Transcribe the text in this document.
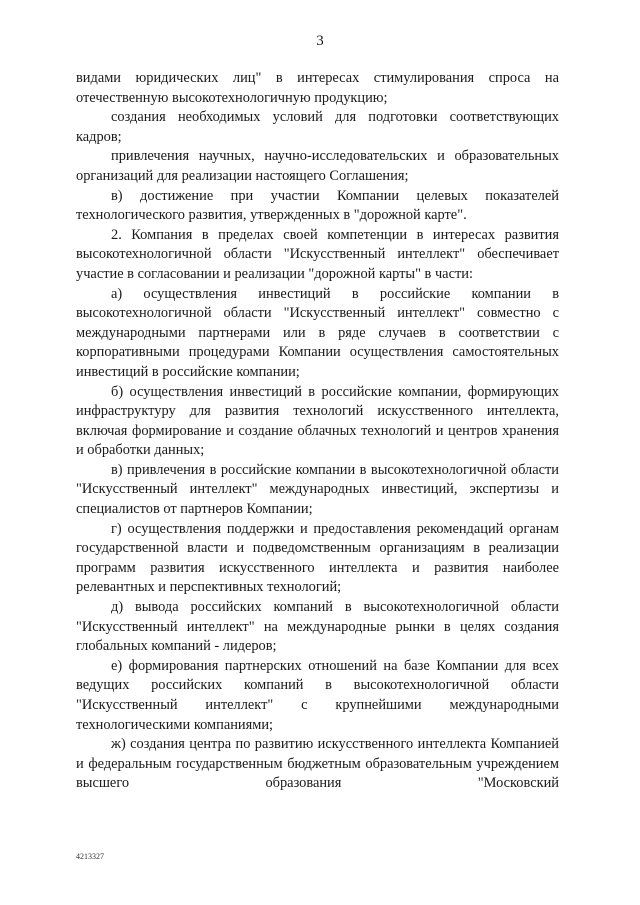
3

видами юридических лиц" в интересах стимулирования спроса на отечественную высокотехнологичную продукцию;

создания необходимых условий для подготовки соответствующих кадров;

привлечения научных, научно-исследовательских и образовательных организаций для реализации настоящего Соглашения;

в) достижение при участии Компании целевых показателей технологического развития, утвержденных в "дорожной карте".

2. Компания в пределах своей компетенции в интересах развития высокотехнологичной области "Искусственный интеллект" обеспечивает участие в согласовании и реализации "дорожной карты" в части:

а) осуществления инвестиций в российские компании в высокотехнологичной области "Искусственный интеллект" совместно с международными партнерами или в ряде случаев в соответствии с корпоративными процедурами Компании осуществления самостоятельных инвестиций в российские компании;

б) осуществления инвестиций в российские компании, формирующих инфраструктуру для развития технологий искусственного интеллекта, включая формирование и создание облачных технологий и центров хранения и обработки данных;

в) привлечения в российские компании в высокотехнологичной области "Искусственный интеллект" международных инвестиций, экспертизы и специалистов от партнеров Компании;

г) осуществления поддержки и предоставления рекомендаций органам государственной власти и подведомственным организациям в реализации программ развития искусственного интеллекта и развития наиболее релевантных и перспективных технологий;

д) вывода российских компаний в высокотехнологичной области "Искусственный интеллект" на международные рынки в целях создания глобальных компаний - лидеров;

е) формирования партнерских отношений на базе Компании для всех ведущих российских компаний в высокотехнологичной области "Искусственный интеллект" с крупнейшими международными технологическими компаниями;

ж) создания центра по развитию искусственного интеллекта Компанией и федеральным государственным бюджетным образовательным учреждением высшего образования "Московский

4213327
